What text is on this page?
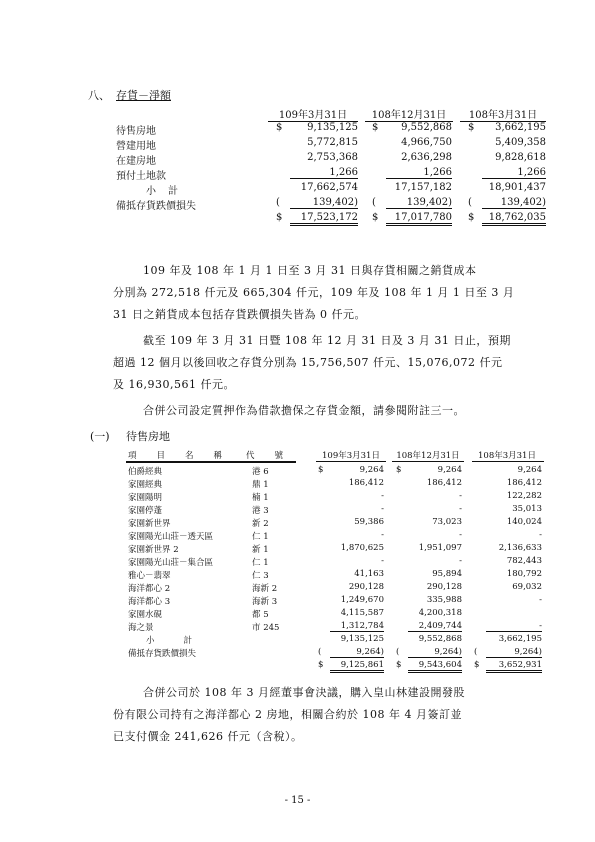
八、 存貨－淨額
109年3月31日	108年12月31日	108年3月31日
待售房地	$	9,135,125 $	9,552,868 $	3,662,195
營建用地	5,772,815	4,966,750	5,409,358
在建房地	2,753,368	2,636,298	9,828,618
預付土地款	1,266	1,266	1,266
小計	17,662,574	17,157,182	18,901,437
備抵存貨跌價損失	(	139,402) (	139,402) (	139,402)
$	17,523,172 $	17,017,780 $	18,762,035
109 年及 108 年 1 月 1 日至 3 月 31 日與存貨相關之銷貨成本
分別為 272,518 仟元及 665,304 仟元，109 年及 108 年 1 月 1 日至 3 月
31 日之銷貨成本包括存貨跌價損失皆為 0 仟元。
截至 109 年 3 月 31 日暨 108 年 12 月 31 日及 3 月 31 日止，預期
超過 12 個月以後回收之存貨分別為 15,756,507 仟元、15,076,072 仟元
及 16,930,561 仟元。
合併公司設定質押作為借款擔保之存貨金額，請參閱附註三一。
(一) 待售房地
項　　目　　名　　稱	代　　號	109年3月31日	108年12月31日	108年3月31日
伯爵經典	港 6	$	9,264 $	9,264	9,264
家園經典	鼎 1	186,412	186,412	186,412
家園陽明	楠 1	-	-	122,282
家園停蓬	港 3	-	-	35,013
家園新世界	新 2	59,386	73,023	140,024
家園陽光山莊－透天區	仁 1	-	-	-
家園新世界 2	新 1	1,870,625	1,951,097	2,136,633
家園陽光山莊－集合區	仁 1	-	-	782,443
雅心－翡翠	仁 3	41,163	95,894	180,792
海洋都心 2	海新 2	290,128	290,128	69,032
海洋都心 3	海新 3	1,249,670	335,988	-
家園水硯	都 5	4,115,587	4,200,318
海之景	市 245	1,312,784	2,409,744	-
小　　計	9,135,125	9,552,868	3,662,195
備抵存貨跌價損失	(	9,264) (	9,264) (	9,264)
$	9,125,861 $	9,543,604 $	3,652,931
合併公司於 108 年 3 月經董事會決議，購入皇山林建設開發股
份有限公司持有之海洋都心 2 房地，相關合約於 108 年 4 月簽訂並
已支付價金 241,626 仟元（含稅）。
- 15 -
